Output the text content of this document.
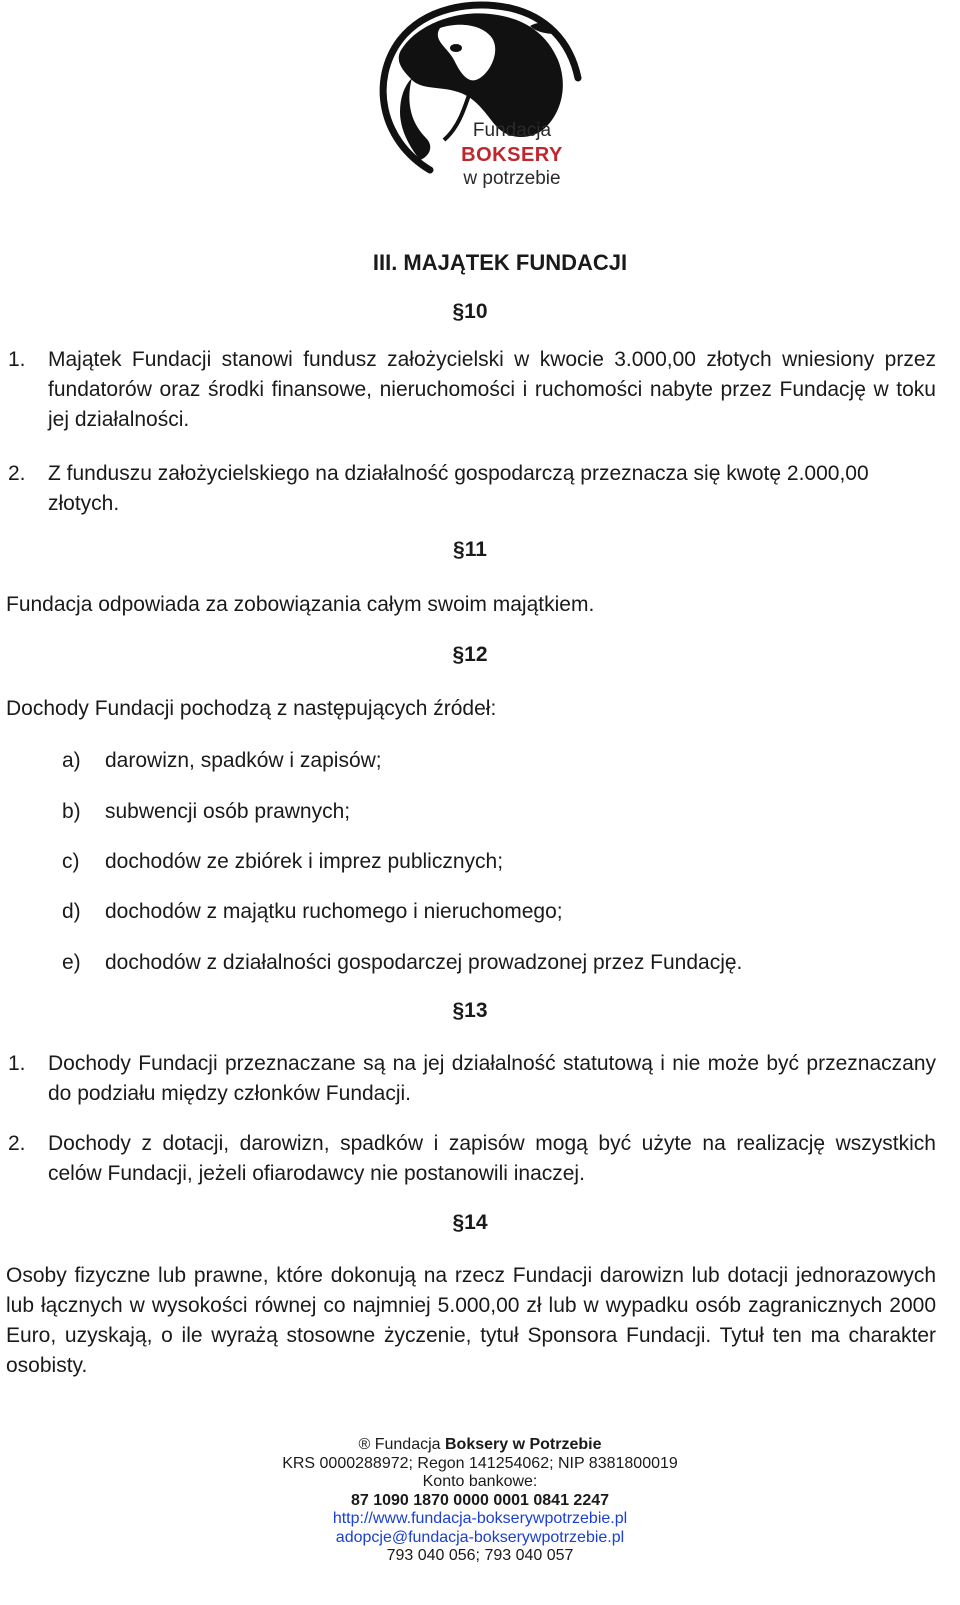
Fundacja
BOKSERY
w potrzebie
III. MAJĄTEK FUNDACJI
§10
1. Majątek Fundacji stanowi fundusz założycielski w kwocie 3.000,00 złotych wniesiony przez fundatorów oraz środki finansowe, nieruchomości i ruchomości nabyte przez Fundację w toku jej działalności.
2. Z funduszu założycielskiego na działalność gospodarczą przeznacza się kwotę 2.000,00
złotych.
§11
Fundacja odpowiada za zobowiązania całym swoim majątkiem.
§12
Dochody Fundacji pochodzą z następujących źródeł:
a) darowizn, spadków i zapisów;
b) subwencji osób prawnych;
c) dochodów ze zbiórek i imprez publicznych;
d) dochodów z majątku ruchomego i nieruchomego;
e) dochodów z działalności gospodarczej prowadzonej przez Fundację.
§13
1. Dochody Fundacji przeznaczane są na jej działalność statutową i nie może być przeznaczany do podziału między członków Fundacji.
2. Dochody z dotacji, darowizn, spadków i zapisów mogą być użyte na realizację wszystkich celów Fundacji, jeżeli ofiarodawcy nie postanowili inaczej.
§14
Osoby fizyczne lub prawne, które dokonują na rzecz Fundacji darowizn lub dotacji jednorazowych lub łącznych w wysokości równej co najmniej 5.000,00 zł lub w wypadku osób zagranicznych 2000 Euro, uzyskają, o ile wyrażą stosowne życzenie, tytuł Sponsora Fundacji. Tytuł ten ma charakter osobisty.
® Fundacja Boksery w Potrzebie
KRS 0000288972; Regon 141254062; NIP 8381800019
Konto bankowe:
87 1090 1870 0000 0001 0841 2247
http://www.fundacja-bokserywpotrzebie.pl
adopcje@fundacja-bokserywpotrzebie.pl
793 040 056; 793 040 057
